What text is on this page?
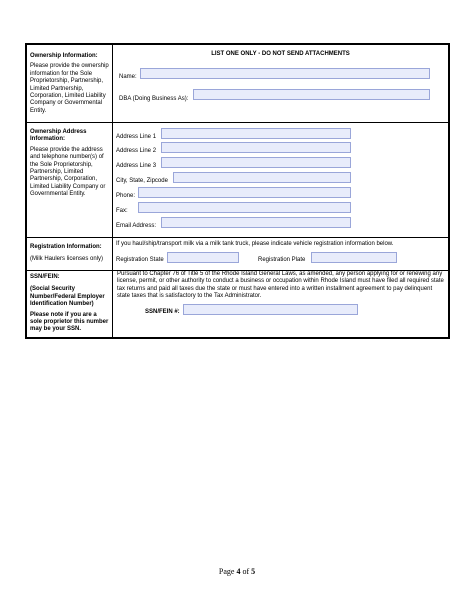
Ownership Information:
Please provide the ownership information for the Sole Proprietorship, Partnership, Limited Partnership, Corporation, Limited Liability Company or Governmental Entity.
LIST ONE ONLY - DO NOT SEND ATTACHMENTS
Name:
DBA (Doing Business As):
Ownership Address Information:
Please provide the address and telephone number(s) of the Sole Proprietorship, Partnership, Limited Partnership, Corporation, Limited Liability Company or Governmental Entity.
Address Line 1
Address Line 2
Address Line 3
City, State, Zipcode
Phone:
Fax:
Email Address:
Registration Information:
(Milk Haulers licenses only)
If you haul/ship/transport milk via a milk tank truck, please indicate vehicle registration information below.
Registration State	Registration Plate
SSN/FEIN:
(Social Security Number/Federal Employer Identification Number)
Please note if you are a sole proprietor this number may be your SSN.
Pursuant to Chapter 76 of Title 5 of the Rhode Island General Laws, as amended, any person applying for or renewing any license, permit, or other authority to conduct a business or occupation within Rhode Island must have filed all required state tax returns and paid all taxes due the state or must have entered into a written installment agreement to pay delinquent state taxes that is satisfactory to the Tax Administrator.
SSN/FEIN #:
Page 4 of 5
